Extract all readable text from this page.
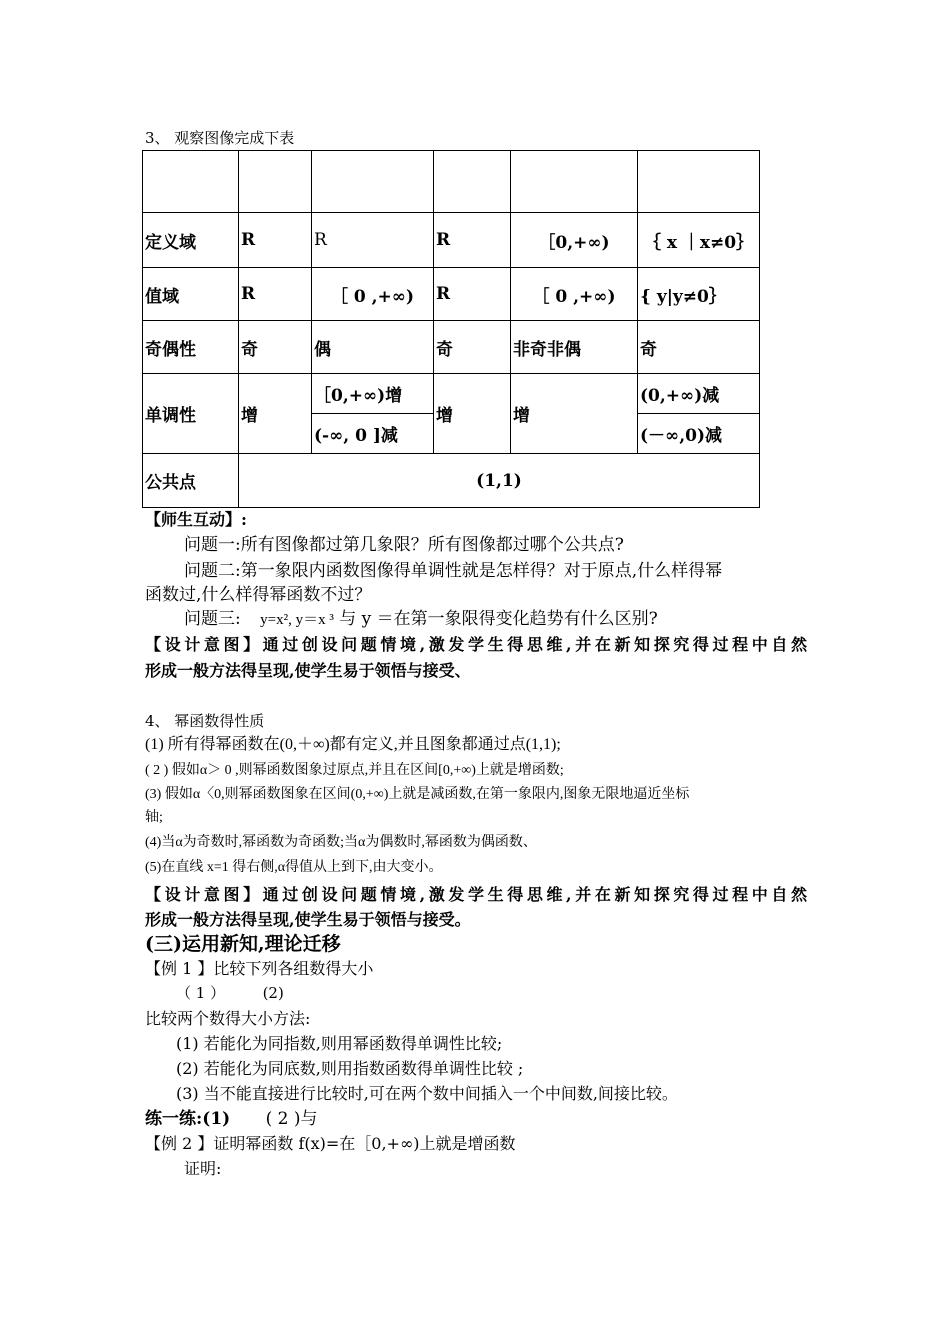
3、 观察图像完成下表

定义域	R	R	R	［0,+∞)	｛ x ｜x≠0｝
值域	R	［ 0 ,+∞)	R	［ 0 ,+∞)	{ y|y≠0｝
奇偶性	奇	偶	奇	非奇非偶	奇
单调性	增	［0,+∞)增	增	增	(0,+∞)减
		(-∞, 0 ]减			(－∞,0)减
公共点	(1,1)				
【师生互动】:
问题一:所有图像都过第几象限？所有图像都过哪个公共点?
问题二:第一象限内函数图像得单调性就是怎样得？对于原点,什么样得幂
函数过,什么样得幂函数不过？
问题三: y=x², y＝x ³ 与 y ＝在第一象限得变化趋势有什么区别?
【设计意图】通过创设问题情境,激发学生得思维,并在新知探究得过程中自然
形成一般方法得呈现,使学生易于领悟与接受、
4、 幂函数得性质
(1) 所有得幂函数在(0,＋∞)都有定义,并且图象都通过点(1,1);
( 2 ) 假如α＞ 0 ,则幂函数图象过原点,并且在区间[0,+∞)上就是增函数;
(3) 假如α〈0,则幂函数图象在区间(0,+∞)上就是减函数,在第一象限内,图象无限地逼近坐标
轴;
(4)当α为奇数时,幂函数为奇函数;当α为偶数时,幂函数为偶函数、
(5)在直线 x=1 得右侧,α得值从上到下,由大变小。
【设计意图】通过创设问题情境,激发学生得思维,并在新知探究得过程中自然
形成一般方法得呈现,使学生易于领悟与接受。
(三)运用新知,理论迁移
【例 1 】比较下列各组数得大小
（ 1 ）　　　(2)
比较两个数得大小方法:
(1) 若能化为同指数,则用幂函数得单调性比较;
(2) 若能化为同底数,则用指数函数得单调性比较 ;
(3) 当不能直接进行比较时,可在两个数中间插入一个中间数,间接比较。
练一练:(1) ( 2 )与
【例 2 】证明幂函数 f(x)=在［0,+∞)上就是增函数
证明:
